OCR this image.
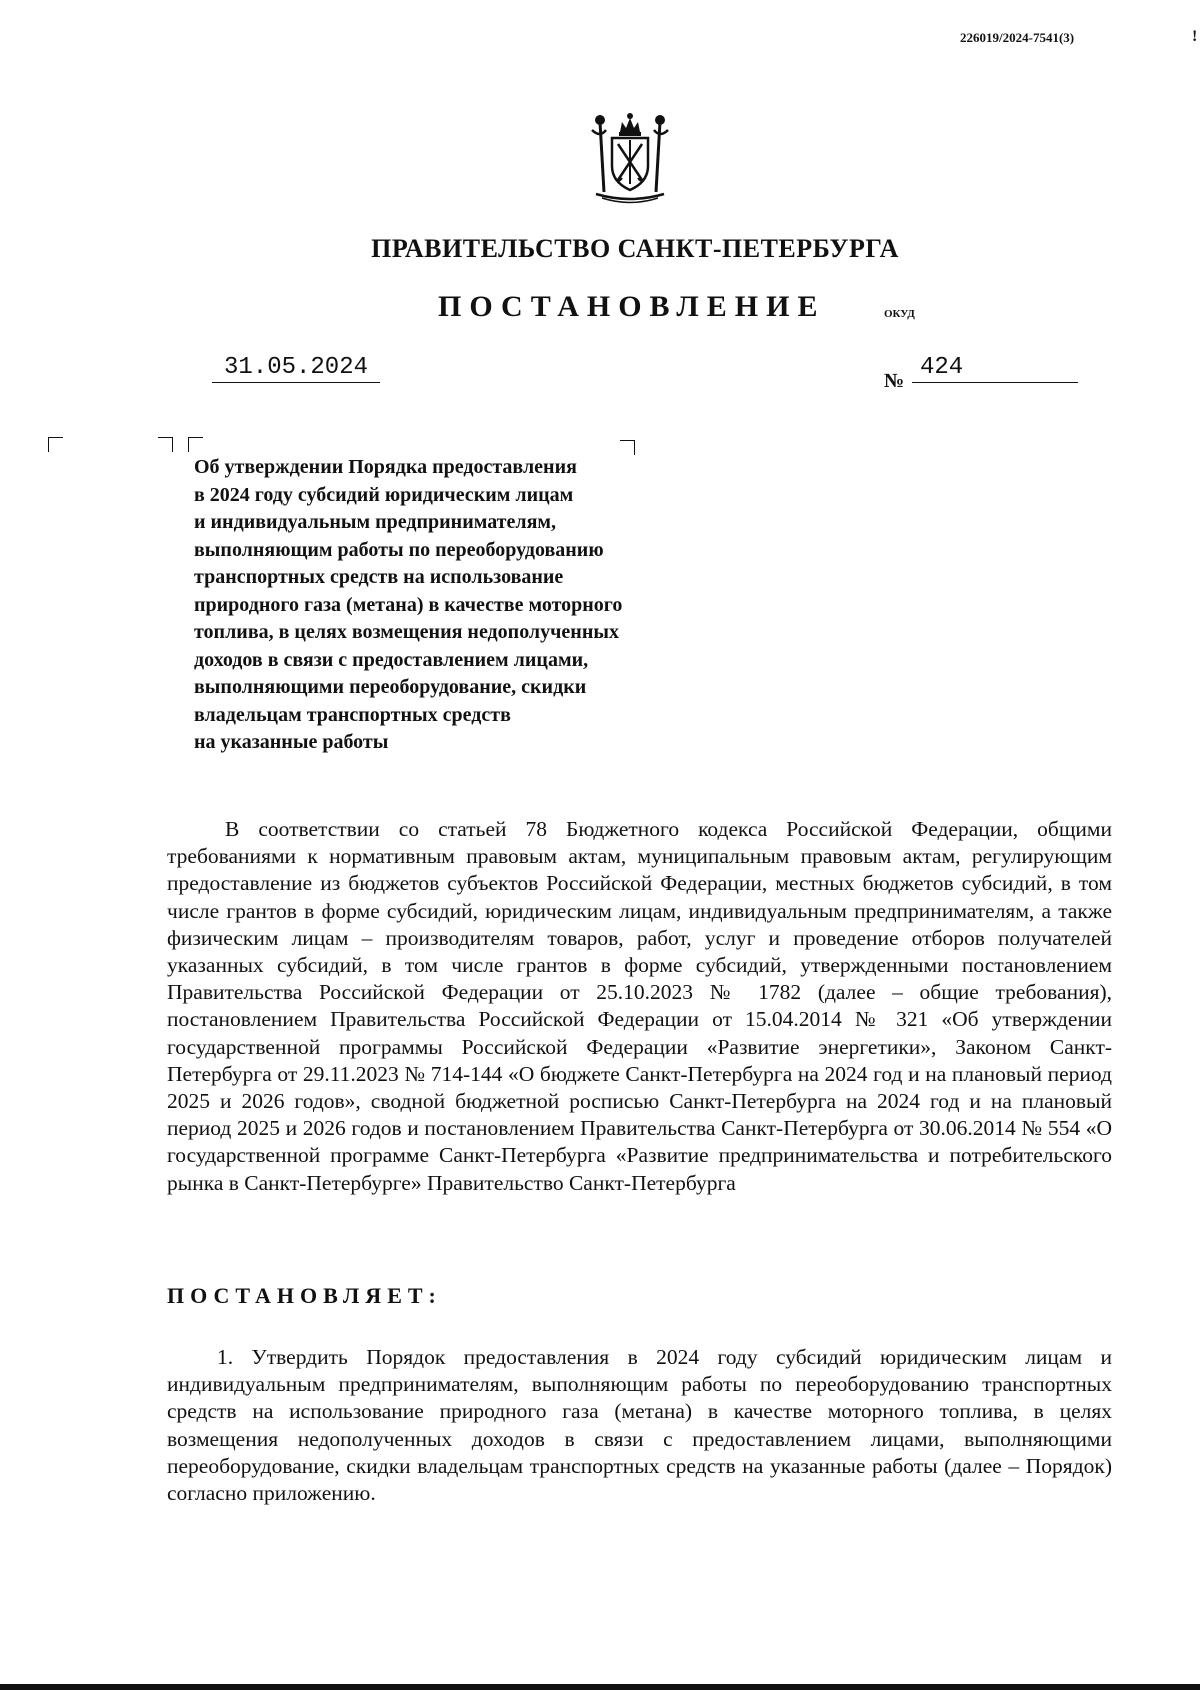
226019/2024-7541(3)	!
ПРАВИТЕЛЬСТВО САНКТ-ПЕТЕРБУРГА
ПОСТАНОВЛЕНИЕ	ОКУД
31.05.2024	№ 424
Об утверждении Порядка предоставления
в 2024 году субсидий юридическим лицам
и индивидуальным предпринимателям,
выполняющим работы по переоборудованию
транспортных средств на использование
природного газа (метана) в качестве моторного
топлива, в целях возмещения недополученных
доходов в связи с предоставлением лицами,
выполняющими переоборудование, скидки
владельцам транспортных средств
на указанные работы

В соответствии со статьей 78 Бюджетного кодекса Российской Федерации, общими требованиями к нормативным правовым актам, муниципальным правовым актам, регулирующим предоставление из бюджетов субъектов Российской Федерации, местных бюджетов субсидий, в том числе грантов в форме субсидий, юридическим лицам, индивидуальным предпринимателям, а также физическим лицам – производителям товаров, работ, услуг и проведение отборов получателей указанных субсидий, в том числе грантов в форме субсидий, утвержденными постановлением Правительства Российской Федерации от 25.10.2023 № 1782 (далее – общие требования), постановлением Правительства Российской Федерации от 15.04.2014 № 321 «Об утверждении государственной программы Российской Федерации «Развитие энергетики», Законом Санкт-Петербурга от 29.11.2023 № 714-144 «О бюджете Санкт-Петербурга на 2024 год и на плановый период 2025 и 2026 годов», сводной бюджетной росписью Санкт-Петербурга на 2024 год и на плановый период 2025 и 2026 годов и постановлением Правительства Санкт-Петербурга от 30.06.2014 № 554 «О государственной программе Санкт-Петербурга «Развитие предпринимательства и потребительского рынка в Санкт-Петербурге» Правительство Санкт-Петербурга

ПОСТАНОВЛЯЕТ:

1. Утвердить Порядок предоставления в 2024 году субсидий юридическим лицам и индивидуальным предпринимателям, выполняющим работы по переоборудованию транспортных средств на использование природного газа (метана) в качестве моторного топлива, в целях возмещения недополученных доходов в связи с предоставлением лицами, выполняющими переоборудование, скидки владельцам транспортных средств на указанные работы (далее – Порядок) согласно приложению.
